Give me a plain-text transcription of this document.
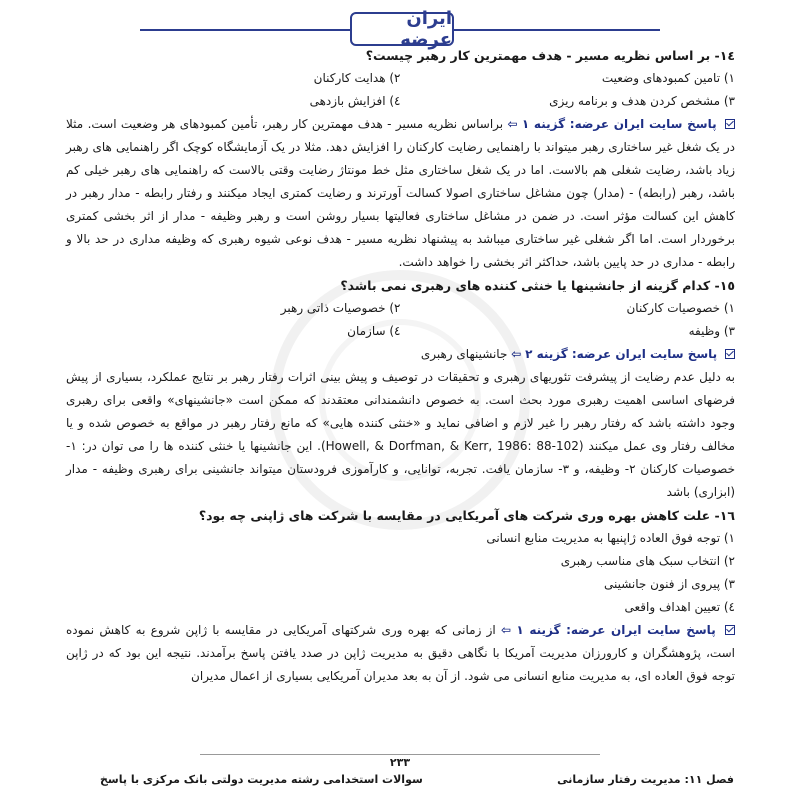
ایران عرضه

۱٤- بر اساس نظریه مسیر - هدف مهمترین کار رهبر چیست؟

۱) تامین کمبودهای وضعیت
۲) هدایت کارکنان
۳) مشخص کردن هدف و برنامه ریزی
٤) افزایش بازدهی

پاسخ سایت ایران عرضه: گزینه ۱ ⇦ براساس نظریه مسیر - هدف مهمترین کار رهبر، تأمین کمبودهای هر وضعیت است. مثلا در یک شغل غیر ساختاری رهبر میتواند با راهنمایی رضایت کارکنان را افزایش دهد. مثلا در یک آزمایشگاه کوچک اگر راهنمایی های رهبر زیاد باشد، رضایت شغلی هم بالاست. اما در یک شغل ساختاری مثل خط مونتاژ رضایت وقتی بالاست که راهنمایی های رهبر خیلی کم باشد، رهبر (رابطه) - (مدار) چون مشاغل ساختاری اصولا کسالت آورترند و رضایت کمتری ایجاد میکنند و رفتار رابطه - مدار رهبر در کاهش این کسالت مؤثر است. در ضمن در مشاغل ساختاری فعالیتها بسیار روشن است و رهبر وظیفه - مدار از اثر بخشی کمتری برخوردار است. اما اگر شغلی غیر ساختاری میباشد به پیشنهاد نظریه مسیر - هدف نوعی شیوه رهبری که وظیفه مداری در حد بالا و رابطه - مداری در حد پایین باشد، حداکثر اثر بخشی را خواهد داشت.

۱٥- کدام گزینه از جانشینها یا خنثی کننده های رهبری نمی باشد؟

۱) خصوصیات کارکنان
۲) خصوصیات ذاتی رهبر
۳) وظیفه
٤) سازمان

پاسخ سایت ایران عرضه: گزینه ۲ ⇦ جانشینهای رهبری

به دلیل عدم رضایت از پیشرفت تئوریهای رهبری و تحقیقات در توصیف و پیش بینی اثرات رفتار رهبر بر نتایج عملکرد، بسیاری از پیش فرضهای اساسی اهمیت رهبری مورد بحث است. به خصوص دانشمندانی معتقدند که ممکن است «جانشینهای» واقعی برای رهبری وجود داشته باشد که رفتار رهبر را غیر لازم و اضافی نماید و «خنثی کننده هایی» که مانع رفتار رهبر در مواقع به خصوص شده و یا مخالف رفتار وی عمل میکنند (Howell, & Dorfman, & Kerr, 1986: 88-102). این جانشینها یا خنثی کننده ها را می توان در: ۱- خصوصیات کارکنان ۲- وظیفه، و ۳- سازمان یافت. تجربه، توانایی، و کارآموزی فرودستان میتواند جانشینی برای رهبری وظیفه - مدار (ابزاری) باشد

۱٦- علت کاهش بهره وری شرکت های آمریکایی در مقایسه با شرکت های ژاپنی چه بود؟

۱) توجه فوق العاده ژاپنیها به مدیریت منابع انسانی
۲) انتخاب سبک های مناسب رهبری
۳) پیروی از فنون جانشینی
٤) تعیین اهداف واقعی

پاسخ سایت ایران عرضه: گزینه ۱ ⇦ از زمانی که بهره وری شرکتهای آمریکایی در مقایسه با ژاپن شروع به کاهش نموده است، پژوهشگران و کارورزان مدیریت آمریکا با نگاهی دقیق به مدیریت ژاپن در صدد یافتن پاسخ برآمدند. نتیجه این بود که در ژاپن توجه فوق العاده ای، به مدیریت منابع انسانی می شود. از آن به بعد مدیران آمریکایی بسیاری از اعمال مدیران

۲۳۳
فصل ۱۱: مدیریت رفتار سازمانی
سوالات استخدامی رشته مدیریت دولتی بانک مرکزی با پاسخ
